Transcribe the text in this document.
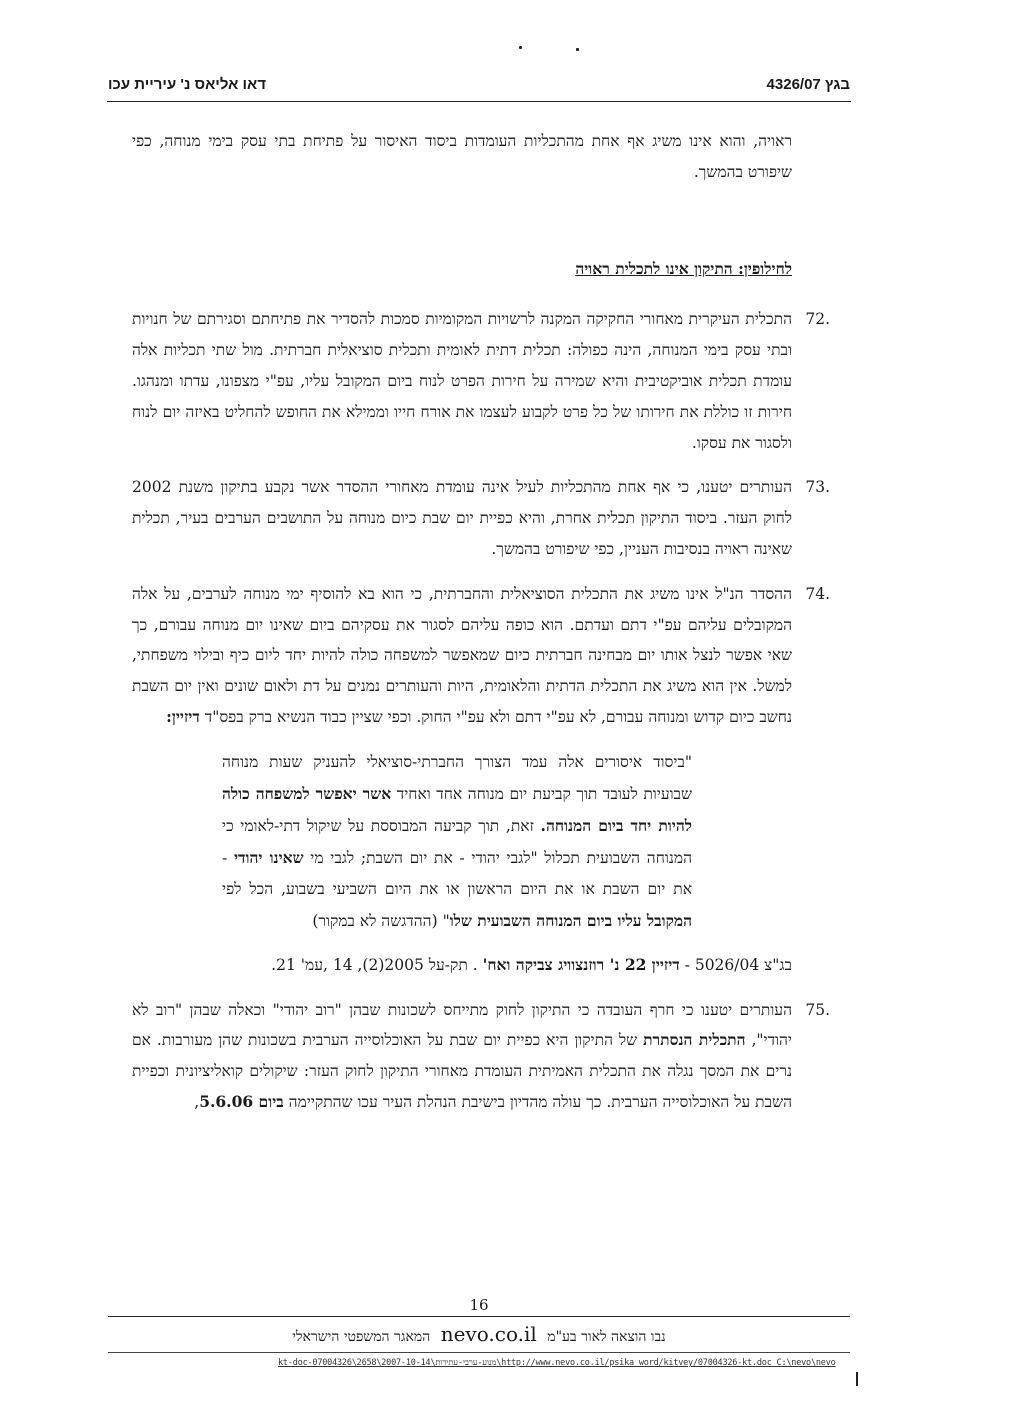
בגץ 4326/07
דאו אליאס נ' עיריית עכו

ראויה, והוא אינו משיג אף אחת מהתכליות העומדות ביסוד האיסור על פתיחת בתי עסק בימי מנוחה, כפי שיפורט בהמשך.

לחילופין: התיקון אינו לתכלית ראויה

72.
התכלית העיקרית מאחורי החקיקה המקנה לרשויות המקומיות סמכות להסדיר את פתיחתם וסגירתם של חנויות ובתי עסק בימי המנוחה, הינה כפולה: תכלית דתית לאומית ותכלית סוציאלית חברתית. מול שתי תכליות אלה עומדת תכלית אוביקטיבית והיא שמירה על חירות הפרט לנוח ביום המקובל עליו, עפ"י מצפונו, עדתו ומנהגו. חירות זו כוללת את חירותו של כל פרט לקבוע לעצמו את אורח חייו וממילא את החופש להחליט באיזה יום לנוח ולסגור את עסקו.

73.
העותרים יטענו, כי אף אחת מהתכליות לעיל אינה עומדת מאחורי ההסדר אשר נקבע בתיקון משנת 2002 לחוק העזר. ביסוד התיקון תכלית אחרת, והיא כפיית יום שבת כיום מנוחה על התושבים הערבים בעיר, תכלית שאינה ראויה בנסיבות העניין, כפי שיפורט בהמשך.

74.
ההסדר הנ"ל אינו משיג את התכלית הסוציאלית והחברתית, כי הוא בא להוסיף ימי מנוחה לערבים, על אלה המקובלים עליהם עפ"י דתם ועדתם. הוא כופה עליהם לסגור את עסקיהם ביום שאינו יום מנוחה עבורם, כך שאי אפשר לנצל אותו יום מבחינה חברתית כיום שמאפשר למשפחה כולה להיות יחד ליום כיף ובילוי משפחתי, למשל. אין הוא משיג את התכלית הדתית והלאומית, היות והעותרים נמנים על דת ולאום שונים ואין יום השבת נחשב כיום קדוש ומנוחה עבורם, לא עפ"י דתם ולא עפ"י החוק. וכפי שציין כבוד הנשיא ברק בפס"ד דיזיין:

"ביסוד איסורים אלה עמד הצורך החברתי-סוציאלי להעניק שעות מנוחה שבועיות לעובד תוך קביעת יום מנוחה אחד ואחיד אשר יאפשר למשפחה כולה להיות יחד ביום המנוחה. זאת, תוך קביעה המבוססת על שיקול דתי-לאומי כי המנוחה השבועית תכלול "לגבי יהודי - את יום השבת; לגבי מי שאינו יהודי - את יום השבת או את היום הראשון או את היום השביעי בשבוע, הכל לפי המקובל עליו ביום המנוחה השבועית שלו" (ההדגשה לא במקור)

בג"צ 5026/04 - דיזיין 22 נ' רוזנצוויג צביקה ואח' . תק-על 2005(2), 14 ,עמ' 21.

75.
העותרים יטענו כי חרף העובדה כי התיקון לחוק מתייחס לשכונות שבהן "רוב יהודי" וכאלה שבהן "רוב לא יהודי", התכלית הנסתרת של התיקון היא כפיית יום שבת על האוכלוסייה הערבית בשכונות שהן מעורבות. אם נרים את המסך נגלה את התכלית האמיתית העומדת מאחורי התיקון לחוק העזר: שיקולים קואליציונית וכפיית השבת על האוכלוסייה הערבית. כך עולה מהדיון בישיבת הנהלת העיר עכו שהתקיימה ביום 5.6.06,

16
נבו הוצאה לאור בע"מ nevo.co.il המאגר המשפטי הישראלי
kt-doc-07004326\2658\2007-10-14\מנוע-ערבי-עתירות\http://www.nevo.co.il/psika_word/kitvey/07004326-kt.doc C:\nevo\nevo
